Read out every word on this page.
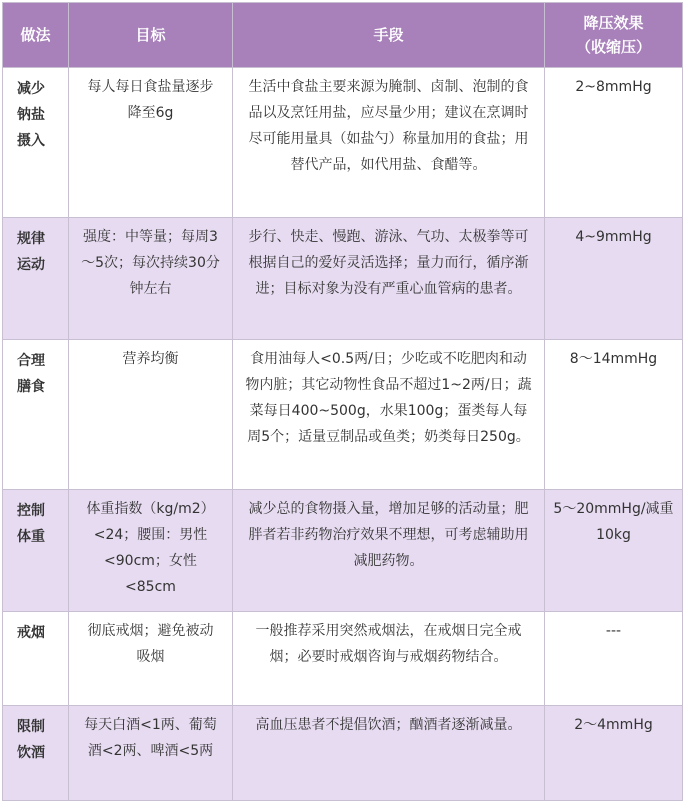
做法	目标	手段	降压效果
（收缩压）
减少钠盐摄入	每人每日食盐量逐步降至6g	生活中食盐主要来源为腌制、卤制、泡制的食品以及烹饪用盐，应尽量少用；建议在烹调时尽可能用量具（如盐勺）称量加用的食盐；用替代产品，如代用盐、食醋等。	2~8mmHg
规律运动	强度：中等量；每周3～5次；每次持续30分钟左右	步行、快走、慢跑、游泳、气功、太极拳等可根据自己的爱好灵活选择；量力而行，循序渐进；目标对象为没有严重心血管病的患者。	4~9mmHg
合理膳食	营养均衡	食用油每人<0.5两/日；少吃或不吃肥肉和动物内脏；其它动物性食品不超过1~2两/日；蔬菜每日400~500g，水果100g；蛋类每人每周5个；适量豆制品或鱼类；奶类每日250g。	8～14mmHg
控制体重	体重指数（kg/m2）<24；腰围：男性<90cm；女性<85cm	减少总的食物摄入量，增加足够的活动量；肥胖者若非药物治疗效果不理想，可考虑辅助用减肥药物。	5～20mmHg/减重10kg
戒烟	彻底戒烟；避免被动吸烟	一般推荐采用突然戒烟法，在戒烟日完全戒烟；必要时戒烟咨询与戒烟药物结合。	---
限制饮酒	每天白酒<1两、葡萄酒<2两、啤酒<5两	高血压患者不提倡饮酒；酗酒者逐渐减量。	2～4mmHg
